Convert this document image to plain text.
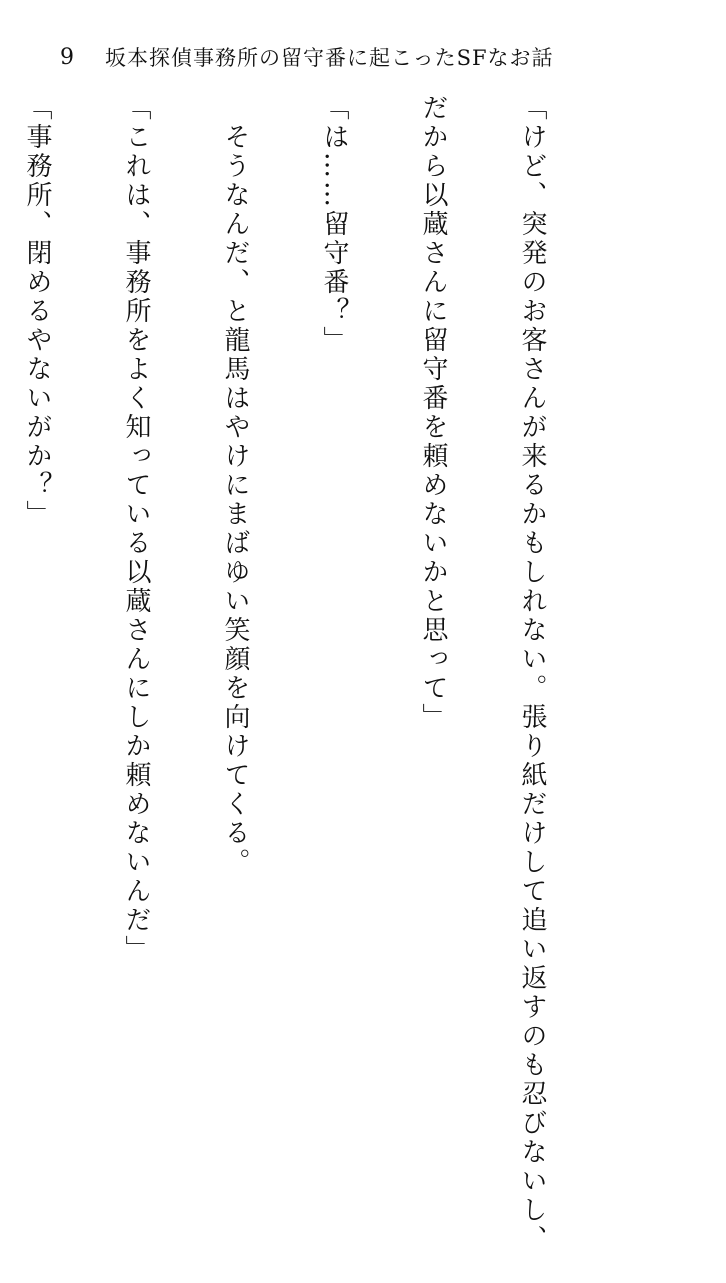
9 坂本探偵事務所の留守番に起こったSFなお話

「けど、突発のお客さんが来るかもしれない。張り紙だけして追い返すのも忍びないし、

だから以蔵さんに留守番を頼めないかと思って」

「は……留守番？」

　そうなんだ、と龍馬はやけにまばゆい笑顔を向けてくる。

「これは、事務所をよく知っている以蔵さんにしか頼めないんだ」

「事務所、閉めるやないがか？」
